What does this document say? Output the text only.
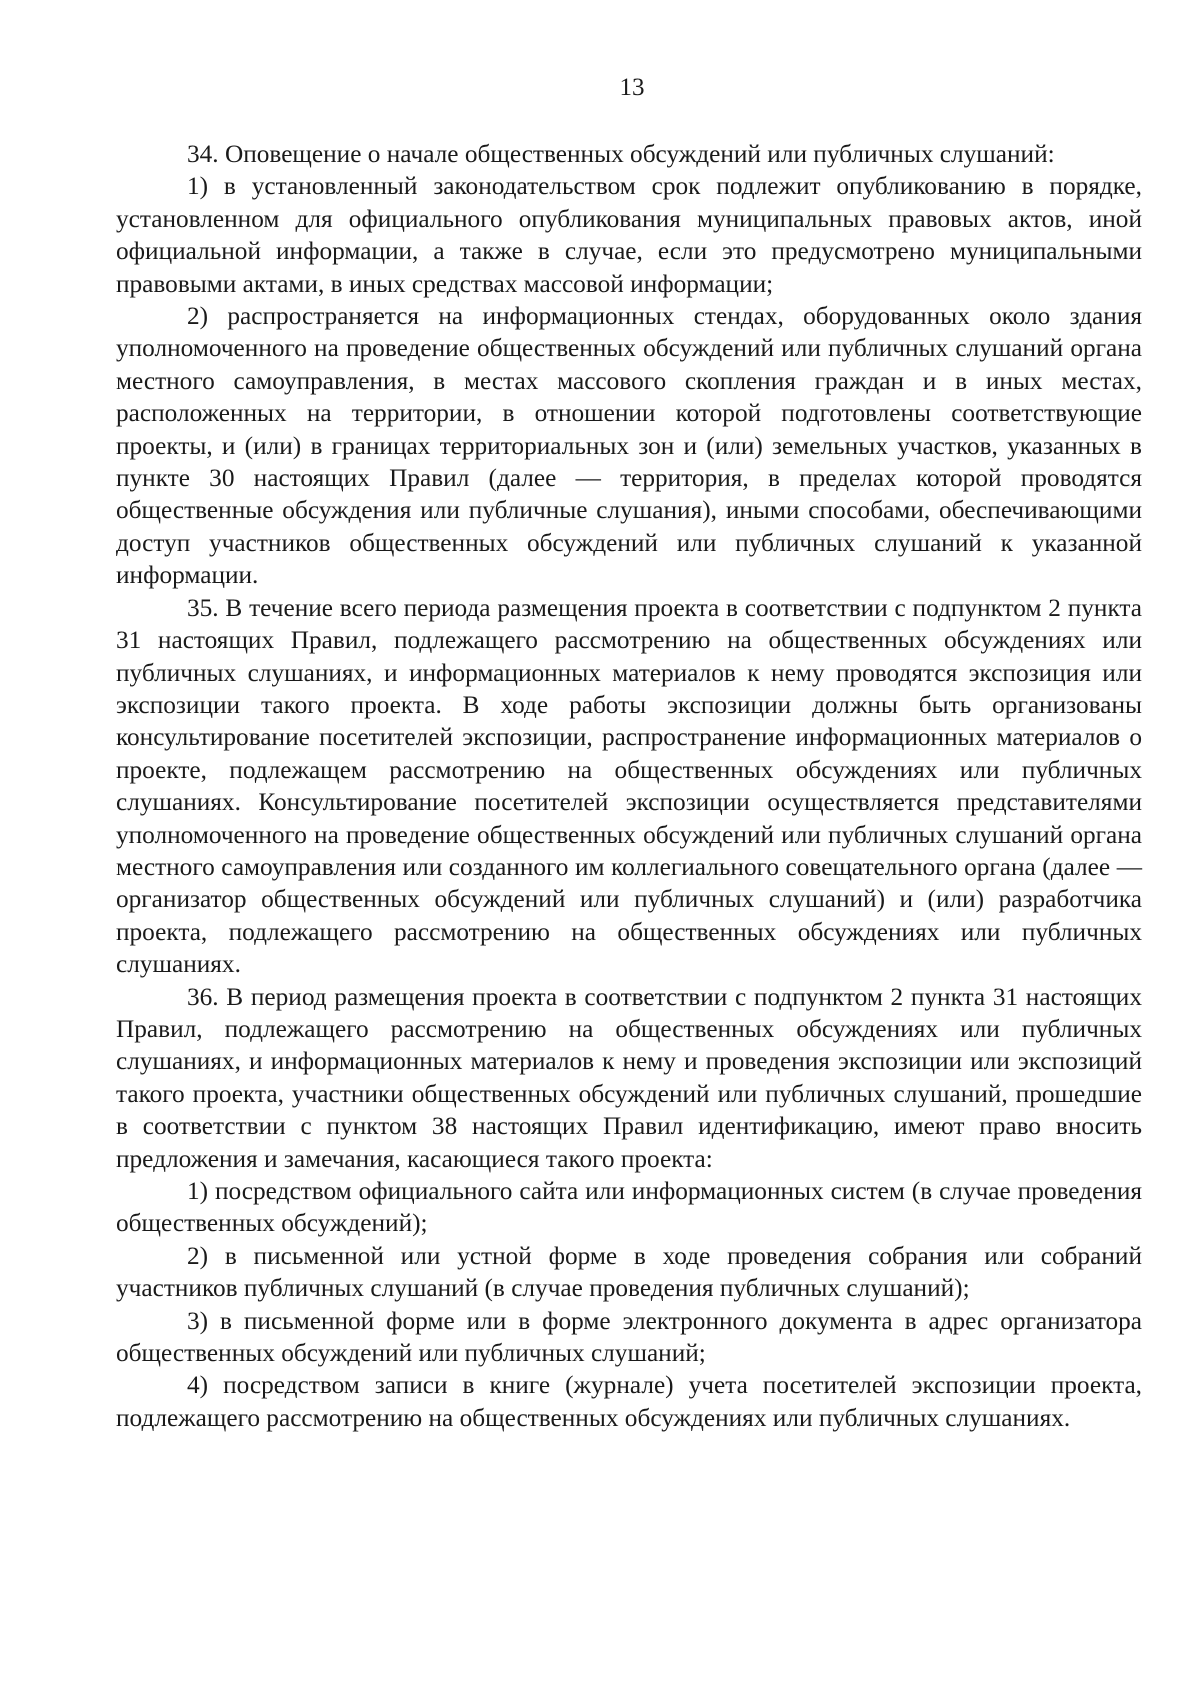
13

34. Оповещение о начале общественных обсуждений или публичных слушаний:

1) в установленный законодательством срок подлежит опубликованию в порядке, установленном для официального опубликования муниципальных правовых актов, иной официальной информации, а также в случае, если это предусмотрено муниципальными правовыми актами, в иных средствах массовой информации;

2) распространяется на информационных стендах, оборудованных около здания уполномоченного на проведение общественных обсуждений или публичных слушаний органа местного самоуправления, в местах массового скопления граждан и в иных местах, расположенных на территории, в отношении которой подготовлены соответствующие проекты, и (или) в границах территориальных зон и (или) земельных участков, указанных в пункте 30 настоящих Правил (далее — территория, в пределах которой проводятся общественные обсуждения или публичные слушания), иными способами, обеспечивающими доступ участников общественных обсуждений или публичных слушаний к указанной информации.

35. В течение всего периода размещения проекта в соответствии с подпунктом 2 пункта 31 настоящих Правил, подлежащего рассмотрению на общественных обсуждениях или публичных слушаниях, и информационных материалов к нему проводятся экспозиция или экспозиции такого проекта. В ходе работы экспозиции должны быть организованы консультирование посетителей экспозиции, распространение информационных материалов о проекте, подлежащем рассмотрению на общественных обсуждениях или публичных слушаниях. Консультирование посетителей экспозиции осуществляется представителями уполномоченного на проведение общественных обсуждений или публичных слушаний органа местного самоуправления или созданного им коллегиального совещательного органа (далее — организатор общественных обсуждений или публичных слушаний) и (или) разработчика проекта, подлежащего рассмотрению на общественных обсуждениях или публичных слушаниях.

36. В период размещения проекта в соответствии с подпунктом 2 пункта 31 настоящих Правил, подлежащего рассмотрению на общественных обсуждениях или публичных слушаниях, и информационных материалов к нему и проведения экспозиции или экспозиций такого проекта, участники общественных обсуждений или публичных слушаний, прошедшие в соответствии с пунктом 38 настоящих Правил идентификацию, имеют право вносить предложения и замечания, касающиеся такого проекта:

1) посредством официального сайта или информационных систем (в случае проведения общественных обсуждений);

2) в письменной или устной форме в ходе проведения собрания или собраний участников публичных слушаний (в случае проведения публичных слушаний);

3) в письменной форме или в форме электронного документа в адрес организатора общественных обсуждений или публичных слушаний;

4) посредством записи в книге (журнале) учета посетителей экспозиции проекта, подлежащего рассмотрению на общественных обсуждениях или публичных слушаниях.
